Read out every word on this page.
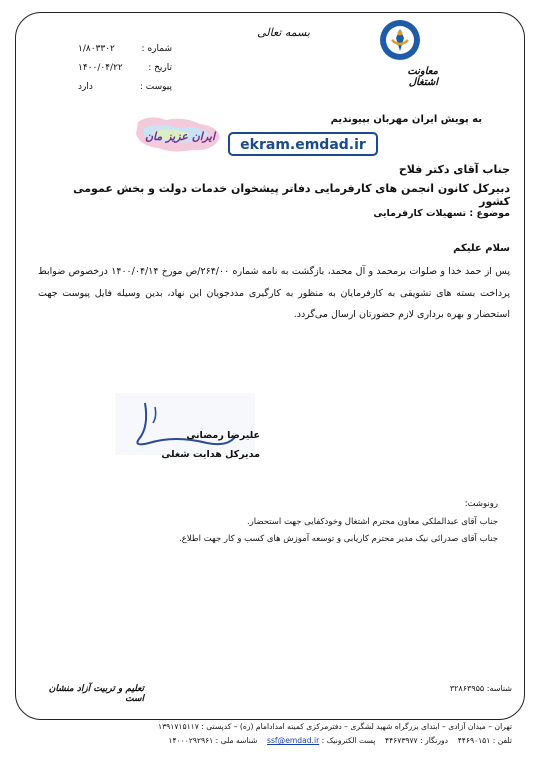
بسمه تعالی
شماره :
۱/۸۰۳۳۰۲
تاریخ :
۱۴۰۰/۰۴/۲۲
پیوست :
دارد
معاونت اشتغال
به پویش ایران مهربان بپیوندیم
ekram.emdad.ir
ایران عزیز مان
جناب آقای دکتر فلاح
دبیرکل کانون انجمن های کارفرمایی دفاتر پیشخوان خدمات دولت و بخش عمومی کشور
موضوع : تسهیلات کارفرمایی
سلام علیکم
پس از حمد خدا و صلوات برمحمد و آل محمد، بازگشت به نامه شماره ۲۶۴/۰۰/ص مورخ ۱۴۰۰/۰۴/۱۴ درخصوص ضوابط پرداخت بسته های تشویقی به کارفرمایان به منظور به کارگیری مددجویان این نهاد، بدین وسیله فایل پیوست جهت استحضار و بهره برداری لازم حضورتان ارسال می‌گردد.
علیرضا رمضانی
مدیرکل هدایت شغلی
رونوشت:
جناب آقای عبدالملکی معاون محترم اشتغال وخودکفایی جهت استحضار.
جناب آقای صدرائی نیک مدیر محترم کاریابی و توسعه آموزش های کسب و کار جهت اطلاع.
تعلیم و تربیت آزاد منشان است
شناسه: ۳۲۸۶۳۹۵۵
تهران – میدان آزادی – ابتدای بزرگراه شهید لشگری – دفترمرکزی کمیته امدادامام (ره) – کدپستی : ۱۳۹۱۷۱۵۱۱۷
تلفن : ۴۴۶۹۰۱۵۱    دورنگار : ۴۴۶۷۳۹۷۷    پست الکترونیک : ssf@emdad.ir    شناسه ملی : ۱۴۰۰۰۲۹۲۹۶۱
